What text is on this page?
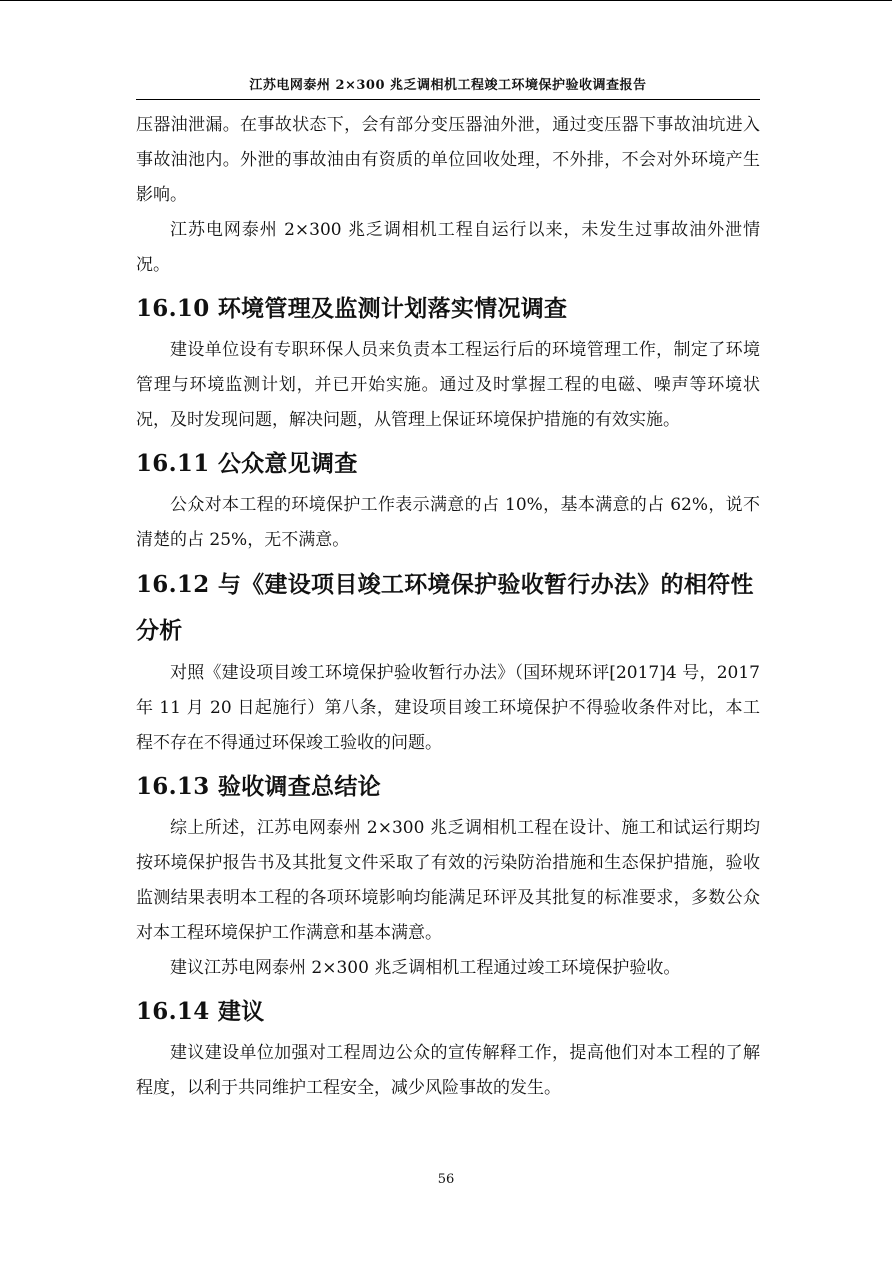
江苏电网泰州 2×300 兆乏调相机工程竣工环境保护验收调查报告

压器油泄漏。在事故状态下，会有部分变压器油外泄，通过变压器下事故油坑进入事故油池内。外泄的事故油由有资质的单位回收处理，不外排，不会对外环境产生影响。

江苏电网泰州 2×300 兆乏调相机工程自运行以来，未发生过事故油外泄情况。

16.10 环境管理及监测计划落实情况调查

建设单位设有专职环保人员来负责本工程运行后的环境管理工作，制定了环境管理与环境监测计划，并已开始实施。通过及时掌握工程的电磁、噪声等环境状况，及时发现问题，解决问题，从管理上保证环境保护措施的有效实施。

16.11 公众意见调查

公众对本工程的环境保护工作表示满意的占 10%，基本满意的占 62%，说不清楚的占 25%，无不满意。

16.12 与《建设项目竣工环境保护验收暂行办法》的相符性分析

对照《建设项目竣工环境保护验收暂行办法》（国环规环评[2017]4 号，2017 年 11 月 20 日起施行）第八条，建设项目竣工环境保护不得验收条件对比，本工程不存在不得通过环保竣工验收的问题。

16.13 验收调查总结论

综上所述，江苏电网泰州 2×300 兆乏调相机工程在设计、施工和试运行期均按环境保护报告书及其批复文件采取了有效的污染防治措施和生态保护措施，验收监测结果表明本工程的各项环境影响均能满足环评及其批复的标准要求，多数公众对本工程环境保护工作满意和基本满意。

建议江苏电网泰州 2×300 兆乏调相机工程通过竣工环境保护验收。

16.14 建议

建议建设单位加强对工程周边公众的宣传解释工作，提高他们对本工程的了解程度，以利于共同维护工程安全，减少风险事故的发生。

56
